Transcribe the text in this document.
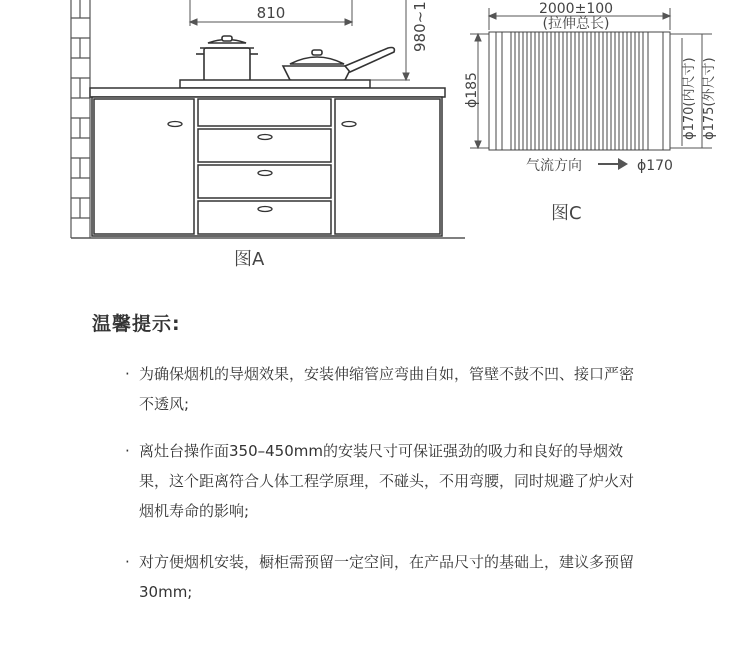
810	980~1
图A
2000±100
(拉伸总长)
ϕ185	ϕ170(内尺寸) ϕ175(外尺寸)
气流方向	ϕ170
图C
温馨提示:
· 为确保烟机的导烟效果，安装伸缩管应弯曲自如，管壁不鼓不凹、接口严密不透风;
· 离灶台操作面350–450mm的安装尺寸可保证强劲的吸力和良好的导烟效果，这个距离符合人体工程学原理，不碰头，不用弯腰，同时规避了炉火对烟机寿命的影响;
· 对方便烟机安装，橱柜需预留一定空间，在产品尺寸的基础上，建议多预留30mm;
